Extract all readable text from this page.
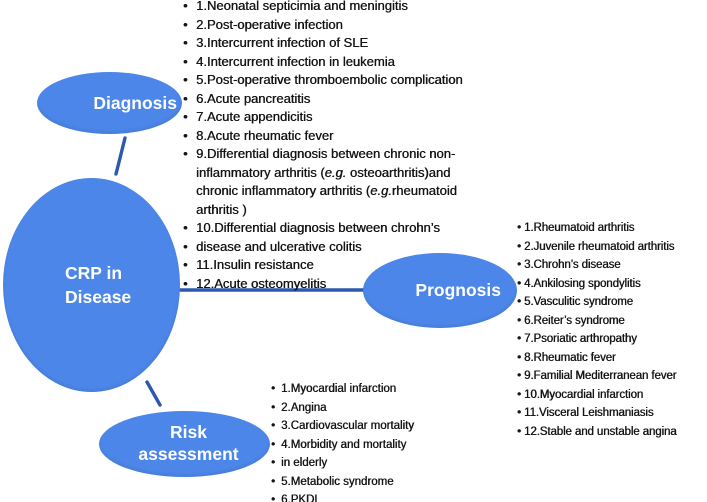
Diagnosis
CRP in
Disease	Prognosis
Risk
assessment
• 1.Neonatal septicimia and meningitis
• 2.Post-operative infection
• 3.Intercurrent infection of SLE
• 4.Intercurrent infection in leukemia
• 5.Post-operative thromboembolic complication
• 6.Acute pancreatitis
• 7.Acute appendicitis
• 8.Acute rheumatic fever
• 9.Differential diagnosis between chronic non-
inflammatory arthritis (e.g. osteoarthritis)and
chronic inflammatory arthritis (e.g.rheumatoid
arthritis )
• 10.Differential diagnosis between chrohn’s
• disease and ulcerative colitis
• 11.Insulin resistance
• 12.Acute osteomyelitis
• 1.Rheumatoid arthritis
• 2.Juvenile rheumatoid arthritis
• 3.Chrohn’s disease
• 4.Ankilosing spondylitis
• 5.Vasculitic syndrome
• 6.Reiter’s syndrome
• 7.Psoriatic arthropathy
• 8.Rheumatic fever
• 9.Familial Mediterranean fever
• 10.Myocardial infarction
• 11.Visceral Leishmaniasis
• 12.Stable and unstable angina
• 1.Myocardial infarction
• 2.Angina
• 3.Cardiovascular mortality
• 4.Morbidity and mortality
• in elderly
• 5.Metabolic syndrome
• 6.PKDL
